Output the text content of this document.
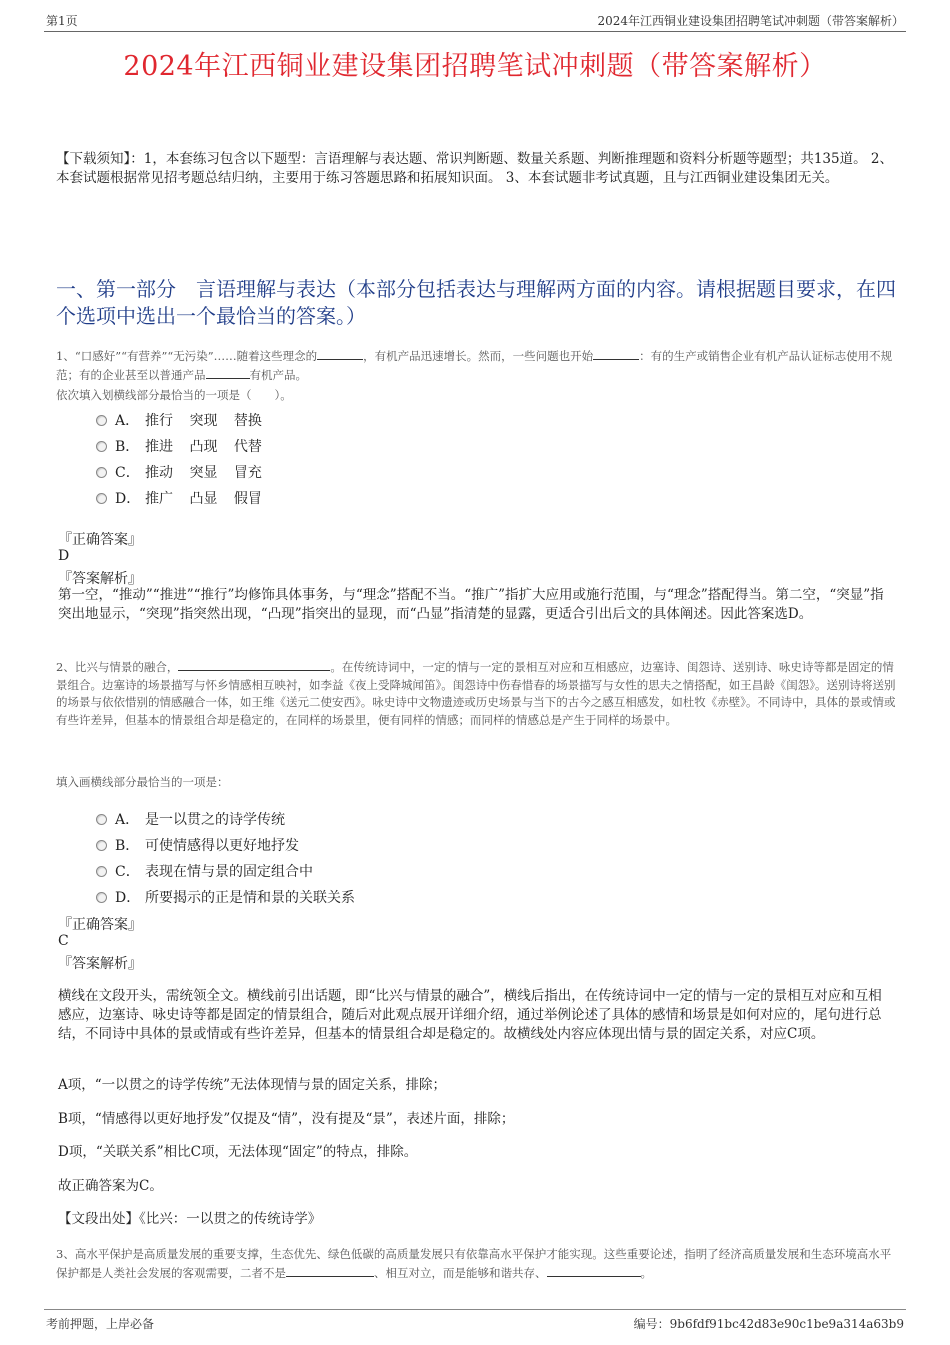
第1页	2024年江西铜业建设集团招聘笔试冲刺题（带答案解析）
2024年江西铜业建设集团招聘笔试冲刺题（带答案解析）
【下载须知】：1，本套练习包含以下题型：言语理解与表达题、常识判断题、数量关系题、判断推理题和资料分析题等题型；共135道。 2、本套试题根据常见招考题总结归纳，主要用于练习答题思路和拓展知识面。 3、本套试题非考试真题，且与江西铜业建设集团无关。
一、第一部分　言语理解与表达（本部分包括表达与理解两方面的内容。请根据题目要求，在四个选项中选出一个最恰当的答案。）
1、“口感好”“有营养”“无污染”……随着这些理念的	，有机产品迅速增长。然而，一些问题也开始	：有的生产或销售企业有机产品认证标志使用不规范；有的企业甚至以普通产品	有机产品。
依次填入划横线部分最恰当的一项是（　　）。
A． 推行 突现 替换
B． 推进 凸现 代替
C． 推动 突显 冒充
D． 推广 凸显 假冒
『正确答案』
D
『答案解析』
第一空，“推动”“推进”“推行”均修饰具体事务，与“理念”搭配不当。“推广”指扩大应用或施行范围，与“理念”搭配得当。第二空，“突显”指突出地显示，“突现”指突然出现，“凸现”指突出的显现，而“凸显”指清楚的显露，更适合引出后文的具体阐述。因此答案选D。
2、比兴与情景的融合，	。在传统诗词中，一定的情与一定的景相互对应和互相感应，边塞诗、闺怨诗、送别诗、咏史诗等都是固定的情景组合。边塞诗的场景描写与怀乡情感相互映衬，如李益《夜上受降城闻笛》。闺怨诗中伤春惜春的场景描写与女性的思夫之情搭配，如王昌龄《闺怨》。送别诗将送别的场景与依依惜别的情感融合一体，如王维《送元二使安西》。咏史诗中文物遗迹或历史场景与当下的古今之感互相感发，如杜牧《赤壁》。不同诗中，具体的景或情或有些许差异，但基本的情景组合却是稳定的，在同样的场景里，便有同样的情感；而同样的情感总是产生于同样的场景中。
填入画横线部分最恰当的一项是：
A． 是一以贯之的诗学传统
B． 可使情感得以更好地抒发
C． 表现在情与景的固定组合中
D． 所要揭示的正是情和景的关联关系
『正确答案』
C
『答案解析』
横线在文段开头，需统领全文。横线前引出话题，即“比兴与情景的融合”，横线后指出，在传统诗词中一定的情与一定的景相互对应和互相感应，边塞诗、咏史诗等都是固定的情景组合，随后对此观点展开详细介绍，通过举例论述了具体的感情和场景是如何对应的，尾句进行总结，不同诗中具体的景或情或有些许差异，但基本的情景组合却是稳定的。故横线处内容应体现出情与景的固定关系，对应C项。
A项，“一以贯之的诗学传统”无法体现情与景的固定关系，排除；
B项，“情感得以更好地抒发”仅提及“情”，没有提及“景”，表述片面，排除；
D项，“关联关系”相比C项，无法体现“固定”的特点，排除。
故正确答案为C。
【文段出处】《比兴：一以贯之的传统诗学》
3、高水平保护是高质量发展的重要支撑，生态优先、绿色低碳的高质量发展只有依靠高水平保护才能实现。这些重要论述，指明了经济高质量发展和生态环境高水平保护都是人类社会发展的客观需要，二者不是	、相互对立，而是能够和谐共存、	。
考前押题，上岸必备	编号：9b6fdf91bc42d83e90c1be9a314a63b9
